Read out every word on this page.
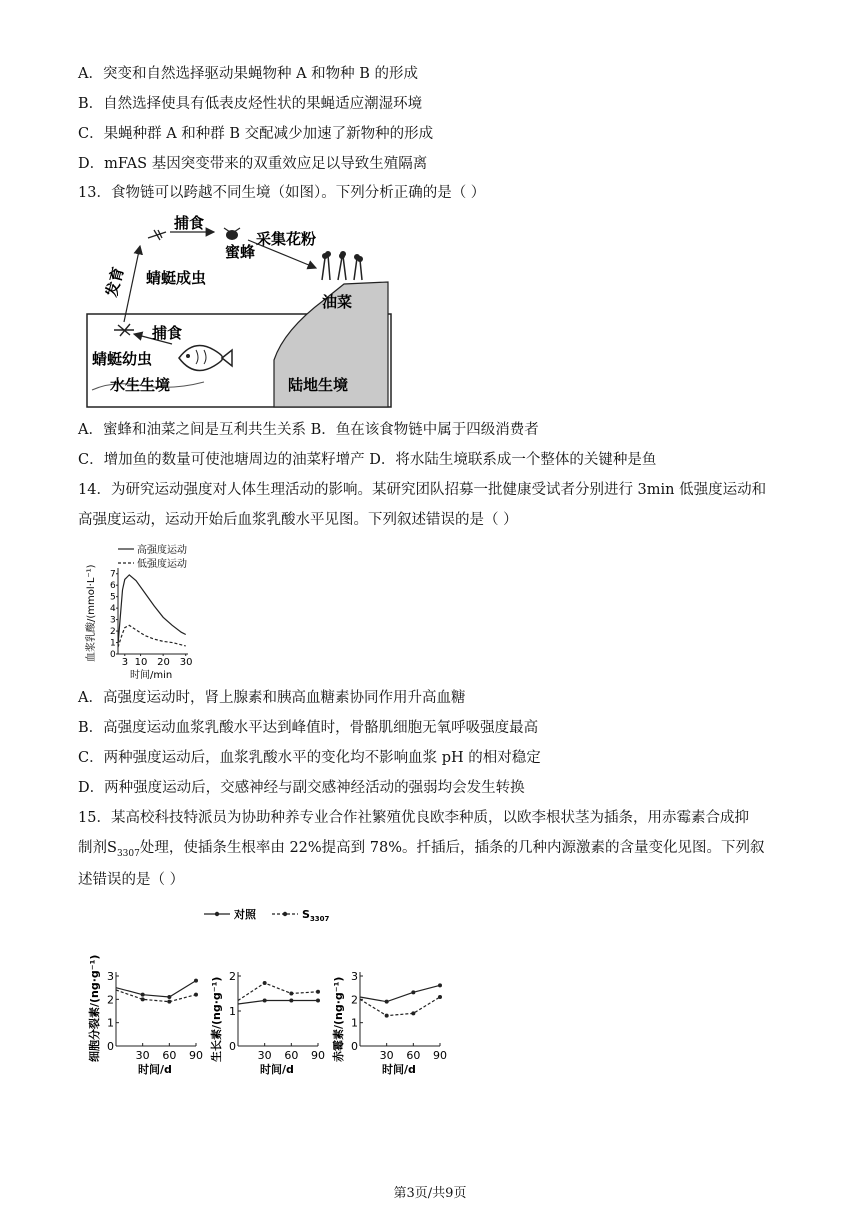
A．突变和自然选择驱动果蝇物种 A 和物种 B 的形成
B．自然选择使具有低表皮烃性状的果蝇适应潮湿环境
C．果蝇种群 A 和种群 B 交配减少加速了新物种的形成
D．mFAS 基因突变带来的双重效应足以导致生殖隔离
13．食物链可以跨越不同生境（如图）。下列分析正确的是（ ）
捕食
蜜蜂
采集花粉
蜻蜓成虫
发育
油菜
捕食
蜻蜓幼虫
水生生境	陆地生境
A．蜜蜂和油菜之间是互利共生关系 B．鱼在该食物链中属于四级消费者
C．增加鱼的数量可使池塘周边的油菜籽增产 D．将水陆生境联系成一个整体的关键种是鱼
14．为研究运动强度对人体生理活动的影响。某研究团队招募一批健康受试者分别进行 3min 低强度运动和
高强度运动，运动开始后血浆乳酸水平见图。下列叙述错误的是（ ）
高强度运动
低强度运动
血浆乳酸/(mmol·L⁻¹)
时间/min
0
1
2
3
4
5
6
7
3 10 20 30
A．高强度运动时，肾上腺素和胰高血糖素协同作用升高血糖
B．高强度运动血浆乳酸水平达到峰值时，骨骼肌细胞无氧呼吸强度最高
C．两种强度运动后，血浆乳酸水平的变化均不影响血浆 pH 的相对稳定
D．两种强度运动后，交感神经与副交感神经活动的强弱均会发生转换
15．某高校科技特派员为协助种养专业合作社繁殖优良欧李种质，以欧李根状茎为插条，用赤霉素合成抑
制剂$S_{3307}$处理，使插条生根率由 22%提高到 78%。扦插后，插条的几种内源激素的含量变化见图。下列叙
述错误的是（ ）
对照	$S_{3307}$
0
1
2
3
30 60 90
时间/d
细胞分裂素/(ng·g⁻¹)	0
1
2
30 60 90
时间/d
生长素/(ng·g⁻¹)	0
1
2
3
30 60 90
时间/d
赤霉素/(ng·g⁻¹)
第3页/共9页
